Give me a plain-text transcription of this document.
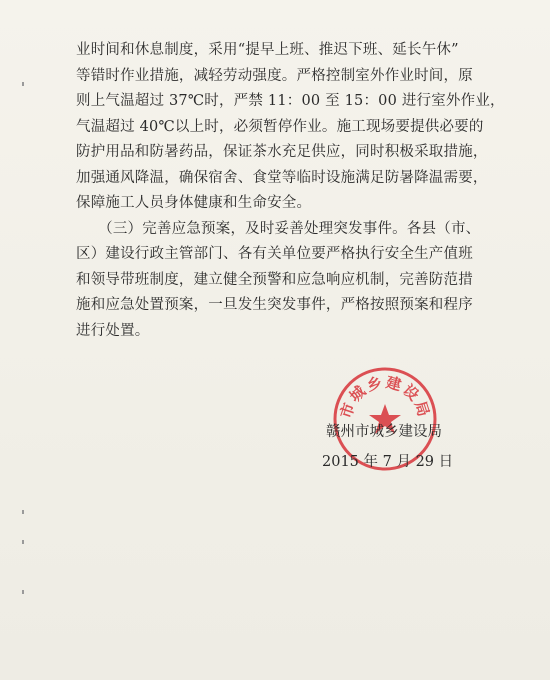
业时间和休息制度，采用“提早上班、推迟下班、延长午休”
等错时作业措施，减轻劳动强度。严格控制室外作业时间，原
则上气温超过 37℃时，严禁 11：00 至 15：00 进行室外作业，
气温超过 40℃以上时，必须暂停作业。施工现场要提供必要的
防护用品和防暑药品，保证茶水充足供应，同时积极采取措施，
加强通风降温，确保宿舍、食堂等临时设施满足防暑降温需要，
保障施工人员身体健康和生命安全。
　　（三）完善应急预案，及时妥善处理突发事件。各县（市、
区）建设行政主管部门、各有关单位要严格执行安全生产值班
和领导带班制度，建立健全预警和应急响应机制，完善防范措
施和应急处置预案，一旦发生突发事件，严格按照预案和程序
进行处置。
市城乡建设局
赣州市城乡建设局
2015 年 7 月 29 日
